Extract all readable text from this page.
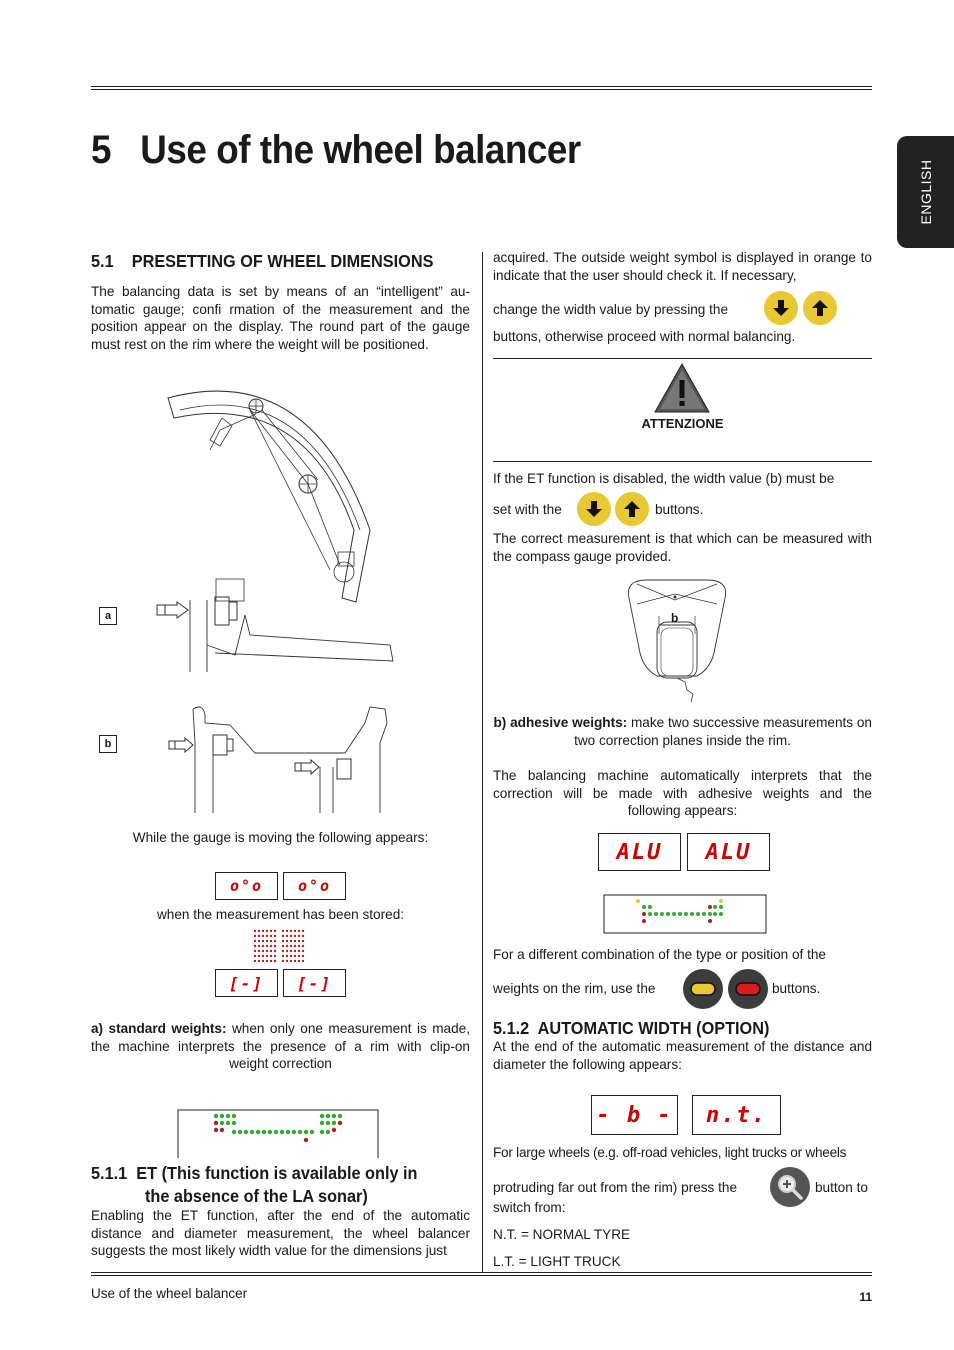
5   Use of the wheel balancer
ENGLISH
5.1    PRESETTING OF WHEEL DIMENSIONS

The balancing data is set by means of an “intelligent” au-tomatic gauge; confi rmation of the measurement and the position appear on the display. The round part of the gauge must rest on the rim where the weight will be positioned.

a
b

While the gauge is moving the following appears:

o°o o°o

when the measurement has been stored:

[-] [-]

a) standard weights: when only one measurement is made, the machine interprets the presence of a rim with clip-on weight correction

5.1.1 ET (This function is available only in
the absence of the LA sonar)

Enabling the ET function, after the end of the automatic distance and diameter measurement, the wheel balancer suggests the most likely width value for the dimensions just

acquired. The outside weight symbol is displayed in orange to indicate that the user should check it. If necessary,

change the width value by pressing the

buttons, otherwise proceed with normal balancing.

ATTENZIONE

If the ET function is disabled, the width value (b) must be

set with the	buttons.

The correct measurement is that which can be measured with the compass gauge provided.

b

b) adhesive weights: make two successive measurements on two correction planes inside the rim.

The balancing machine automatically interprets that the correction will be made with adhesive weights and the following appears:

ALU ALU

For a different combination of the type or position of the

weights on the rim, use the	buttons.

5.1.2  AUTOMATIC WIDTH (OPTION)

At the end of the automatic measurement of the distance and diameter the following appears:

- b - n.t.

For large wheels (e.g. off-road vehicles, light trucks or wheels

protruding far out from the rim) press the	button to

switch from:

N.T. = NORMAL TYRE

L.T. = LIGHT TRUCK

Use of the wheel balancer	11
